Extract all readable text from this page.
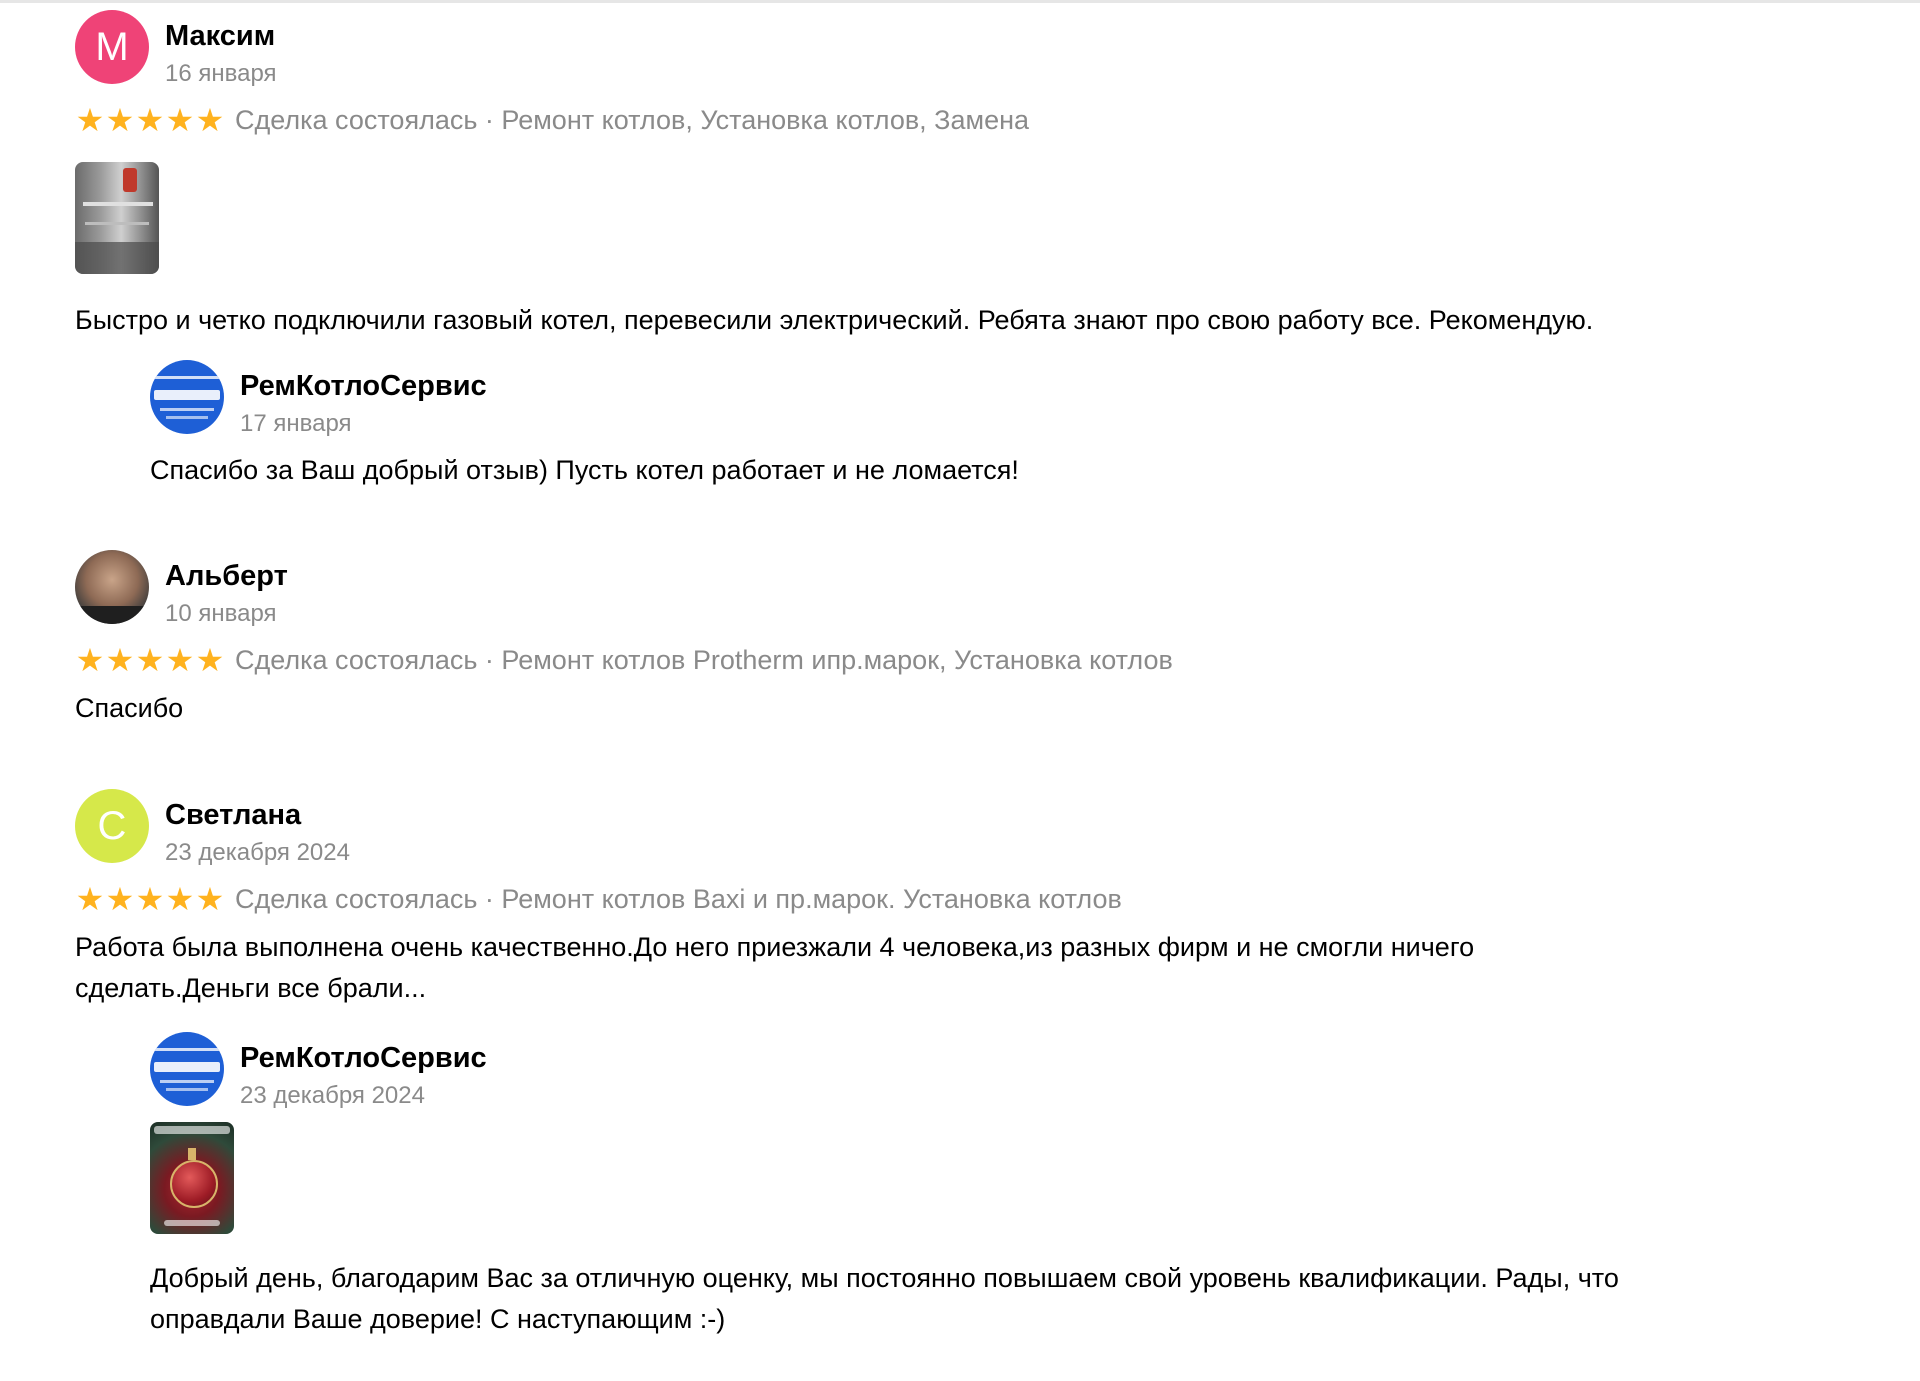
М Максим
16 января
★ ★ ★ ★ ★ Сделка состоялась · Ремонт котлов, Установка котлов, Замена
Быстро и четко подключили газовый котел, перевесили электрический. Ребята знают про свою работу все. Рекомендую.
РемКотлоСервис
17 января
Спасибо за Ваш добрый отзыв) Пусть котел работает и не ломается!
Альберт
10 января
★ ★ ★ ★ ★ Сделка состоялась · Ремонт котлов Protherm ипр.марок, Установка котлов
Спасибо
С Светлана
23 декабря 2024
★ ★ ★ ★ ★ Сделка состоялась · Ремонт котлов Baxi и пр.марок. Установка котлов
Работа была выполнена очень качественно.До него приезжали 4 человека,из разных фирм и не смогли ничего
сделать.Деньги все брали...
РемКотлоСервис
23 декабря 2024
Добрый день, благодарим Вас за отличную оценку, мы постоянно повышаем свой уровень квалификации. Рады, что
оправдали Ваше доверие! С наступающим :-)
